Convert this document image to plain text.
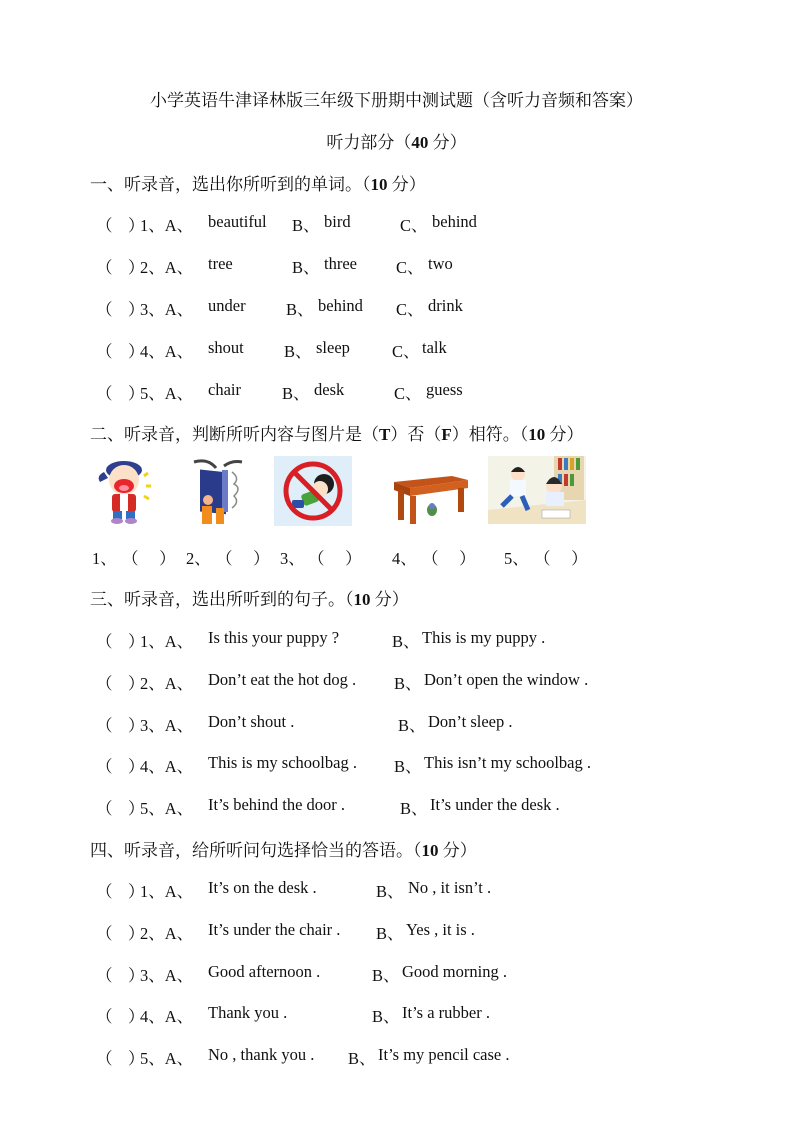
小学英语牛津译林版三年级下册期中测试题（含听力音频和答案）
听力部分（40 分）
一、听录音，选出你所听到的单词。（10 分）
（ ）
1、A、 beautiful B、 bird	C、 behind
（ ）
2、A、 tree	B、 three C、 two
（ ）
3、A、 under B、 behind C、 drink
（ ）
4、A、 shout B、 sleep	C、 talk
（ ）
5、A、 chair B、 desk	C、 guess
二、听录音，判断所听内容与图片是（T）否（F）相符。（10 分）
1、 （　 ） 2、 （　 ） 3、 （　 ） 4、 （　 ） 5、 （　 ）
三、听录音，选出所听到的句子。（10 分）
（ ）
1、A、 Is this your puppy ?	B、 This is my puppy .
（ ）
2、A、 Don’t eat the hot dog . B、 Don’t open the window .
（ ）
3、A、 Don’t shout .	B、 Don’t sleep .
（ ）
4、A、 This is my schoolbag . B、 This isn’t my schoolbag .
（ ）
5、A、 It’s behind the door .	B、 It’s under the desk .
四、听录音，给所听问句选择恰当的答语。（10 分）
（ ）
1、A、 It’s on the desk .	B、 No , it isn’t .
（ ）
2、A、 It’s under the chair . B、 Yes , it is .
（ ）
3、A、 Good afternoon .	B、 Good morning .
（ ）
4、A、 Thank you .	B、 It’s a rubber .
（ ）
5、A、 No , thank you . B、 It’s my pencil case .
